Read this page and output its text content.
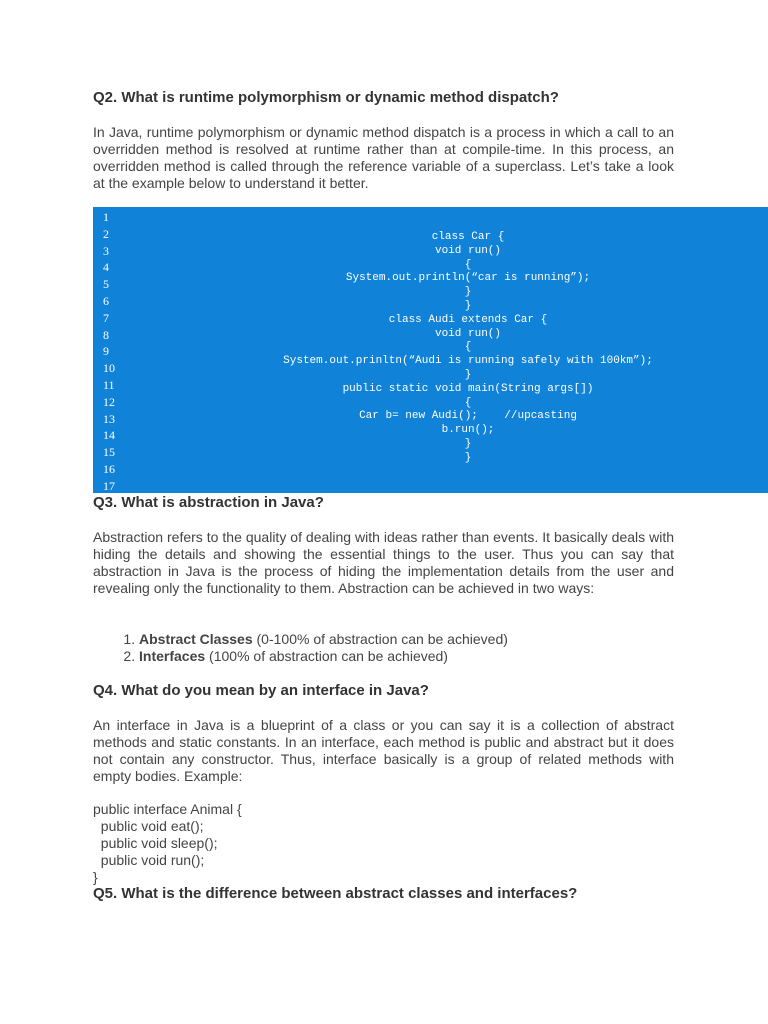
Q2. What is runtime polymorphism or dynamic method dispatch?

In Java, runtime polymorphism or dynamic method dispatch is a process in which a call to an overridden method is resolved at runtime rather than at compile-time. In this process, an overridden method is called through the reference variable of a superclass. Let’s take a look at the example below to understand it better.

1
2
3
4
5
6
7
8
9
10
11
12
13
14
15
16
17
class Car {
void run()
{
System.out.println(“car is running”);
}
}
class Audi extends Car {
void run()
{
System.out.prinltn(“Audi is running safely with 100km”);
}
public static void main(String args[])
{
Car b= new Audi();    //upcasting
b.run();
}
}
Q3. What is abstraction in Java?

Abstraction refers to the quality of dealing with ideas rather than events. It basically deals with hiding the details and showing the essential things to the user. Thus you can say that abstraction in Java is the process of hiding the implementation details from the user and revealing only the functionality to them. Abstraction can be achieved in two ways:

1. Abstract Classes (0-100% of abstraction can be achieved)
2. Interfaces (100% of abstraction can be achieved)
Q4. What do you mean by an interface in Java?

An interface in Java is a blueprint of a class or you can say it is a collection of abstract methods and static constants. In an interface, each method is public and abstract but it does not contain any constructor. Thus, interface basically is a group of related methods with empty bodies. Example:

public interface Animal {
public void eat();
public void sleep();
public void run();
}
Q5. What is the difference between abstract classes and interfaces?
